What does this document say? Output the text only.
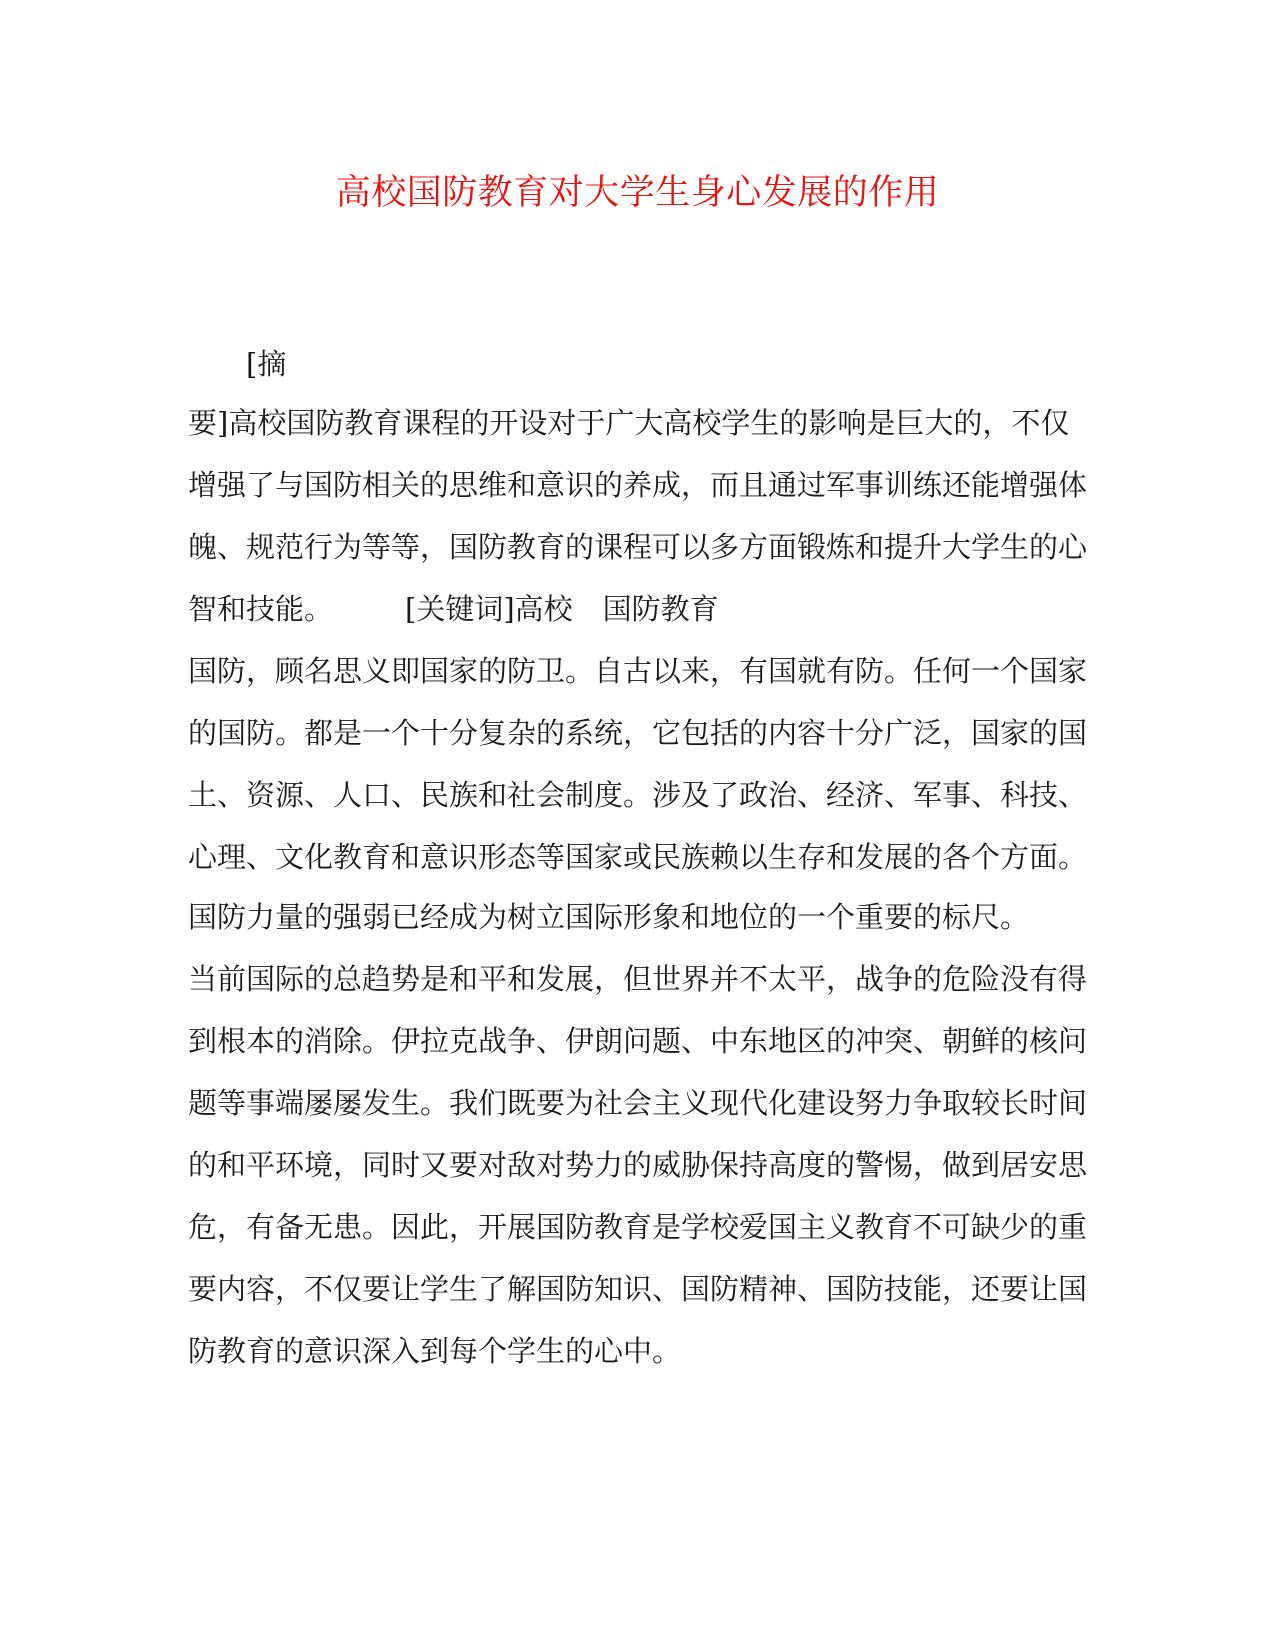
高校国防教育对大学生身心发展的作用

[摘

要]高校国防教育课程的开设对于广大高校学生的影响是巨大的，不仅

增强了与国防相关的思维和意识的养成，而且通过军事训练还能增强体

魄、规范行为等等，国防教育的课程可以多方面锻炼和提升大学生的心

智和技能。 [关键词]高校 国防教育

国防，顾名思义即国家的防卫。自古以来，有国就有防。任何一个国家

的国防。都是一个十分复杂的系统，它包括的内容十分广泛，国家的国

土、资源、人口、民族和社会制度。涉及了政治、经济、军事、科技、

心理、文化教育和意识形态等国家或民族赖以生存和发展的各个方面。

国防力量的强弱已经成为树立国际形象和地位的一个重要的标尺。

当前国际的总趋势是和平和发展，但世界并不太平，战争的危险没有得

到根本的消除。伊拉克战争、伊朗问题、中东地区的冲突、朝鲜的核问

题等事端屡屡发生。我们既要为社会主义现代化建设努力争取较长时间

的和平环境，同时又要对敌对势力的威胁保持高度的警惕，做到居安思

危，有备无患。因此，开展国防教育是学校爱国主义教育不可缺少的重

要内容，不仅要让学生了解国防知识、国防精神、国防技能，还要让国

防教育的意识深入到每个学生的心中。
